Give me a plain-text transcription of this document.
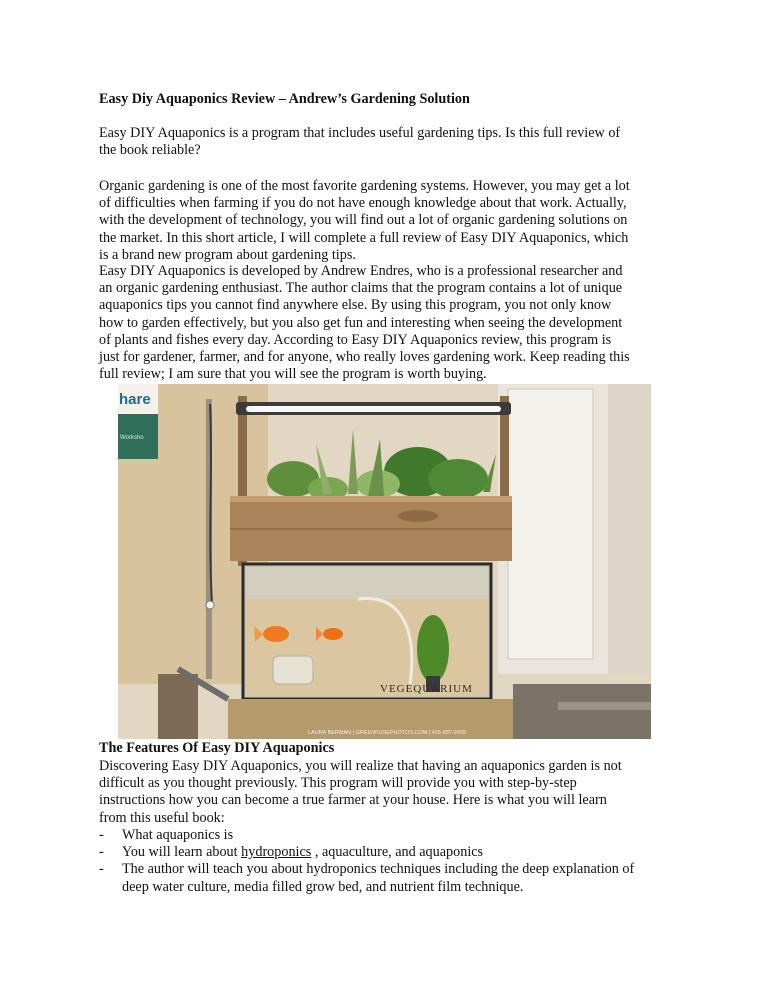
Easy Diy Aquaponics Review – Andrew’s Gardening Solution
Easy DIY Aquaponics is a program that includes useful gardening tips. Is this full review of
the book reliable?
Organic gardening is one of the most favorite gardening systems. However, you may get a lot
of difficulties when farming if you do not have enough knowledge about that work. Actually,
with the development of technology, you will find out a lot of organic gardening solutions on
the market. In this short article, I will complete a full review of Easy DIY Aquaponics, which
is a brand new program about gardening tips.
Easy DIY Aquaponics is developed by Andrew Endres, who is a professional researcher and
an organic gardening enthusiast. The author claims that the program contains a lot of unique
aquaponics tips you cannot find anywhere else. By using this program, you not only know
how to garden effectively, but you also get fun and interesting when seeing the development
of plants and fishes every day. According to Easy DIY Aquaponics review, this program is
just for gardener, farmer, and for anyone, who really loves gardening work. Keep reading this
full review; I am sure that you will see the program is worth buying.
hare
Worksho
VEGEQUARIUM
LAURA BERMAN | GREENFUSEPHOTOS.COM | 416-887-2655
The Features Of Easy DIY Aquaponics
Discovering Easy DIY Aquaponics, you will realize that having an aquaponics garden is not
difficult as you thought previously. This program will provide you with step-by-step
instructions how you can become a true farmer at your house. Here is what you will learn
from this useful book:
- What aquaponics is
- You will learn about hydroponics , aquaculture, and aquaponics
- The author will teach you about hydroponics techniques including the deep explanation of
deep water culture, media filled grow bed, and nutrient film technique.
